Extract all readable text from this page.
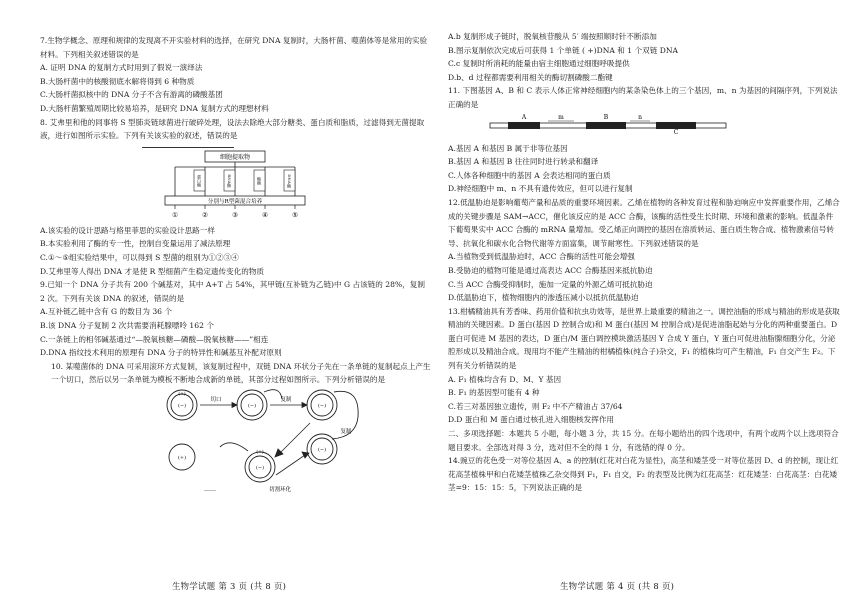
7.生物学概念、原理和规律的发现离不开实验材料的选择，在研究 DNA 复制时，大肠杆菌、噬菌体等是常用的实验材料。下列相关叙述错误的是

A. 证明 DNA 的复制方式时用到了假说一演绎法

B.大肠杆菌中的核酸彻底水解将得到 6 种物质

C.大肠杆菌拟核中的 DNA 分子不含有游离的磷酸基团

D.大肠杆菌繁殖周期比较易培养，是研究 DNA 复制方式的理想材料

8. 艾弗里和他的同事将 S 型肺炎链球菌进行破碎处理，设法去除绝大部分糖类、蛋白质和脂质，过滤得到无菌提取液，进行如图所示实验。下列有关该实验的叙述，错误的是

细胞提取物
蛋白酶	RNA酶	酯酶	DNA酶
分别与R型菌混合培养
①	②	③	④	⑤

A.该实验的设计思路与格里菲思的实验设计思路一样

B.本实验利用了酶的专一性，控制自变量运用了减法原理

C.①～⑤组实验结果中，可以得到 S 型菌的组别为①②③④

D.艾弗里等人得出 DNA 才是使 R 型细菌产生稳定遗传变化的物质

9.已知一个 DNA 分子共有 200 个碱基对，其中 A+T 占 54%，其甲链(互补链为乙链)中 G 占该链的 28%，复制 2 次。下列有关该 DNA 的叙述，错误的是

A.互补链乙链中含有 G 的数目为 36 个

B.该 DNA 分子复制 2 次共需要消耗腺嘌呤 162 个

C.一条链上的相邻碱基通过“—脱氧核糖—磷酸—脱氧核糖——”相连

D.DNA 指纹技术利用的原理有 DNA 分子的特异性和碱基互补配对原则

10. 某噬菌体的 DNA 可采用滚环方式复制，该复制过程中，双链 DNA 环状分子先在一条单链的复制起点上产生一个切口，然后以另一条单链为模板不断地合成新的单链，其部分过程如图所示。下列分析错误的是

(−)
(+)
切口
(−)
复制
(−)
复制
(−)
(+)
(−)
(+)
切割环化
……
生物学试题 第 3 页 (共 8 页)

A.b 复制形成子链时，脱氧核苷酸从 5′ 端按照顺时针不断添加

B.图示复制依次完成后可获得 1 个单链 ( +)DNA 和 1 个双链 DNA

C.c 复制时所消耗的能量由宿主细胞通过细胞呼吸提供

D.b、d 过程都需要利用相关的酶切割磷酸二酯键

11. 下图基因 A、B 和 C 表示人体正常神经细胞内的某条染色体上的三个基因，m、n 为基因的间隔序列，下列说法正确的是

A	m	B	n
C

A.基因 A 和基因 B 属于非等位基因

B.基因 A 和基因 B 往往同时进行转录和翻译

C.人体各种细胞中的基因 A 会表达相同的蛋白质

D.神经细胞中 m、n 不具有遗传效应，但可以进行复制

12.低温胁迫是影响葡萄产量和品质的重要环境因素。乙烯在植物的各种发育过程和胁迫响应中发挥重要作用，乙烯合成的关键步骤是 SAM→ACC，催化该反应的是 ACC 合酶，该酶的活性受生长时期、环境和激素的影响。低温条件下葡萄果实中 ACC 合酶的 mRNA 量增加。受乙烯正向调控的基因在溶质转运、蛋白质生物合成、植物激素信号转导、抗氧化和碳水化合物代谢等方面富集，调节耐寒性。下列叙述错误的是

A.当植物受到低温胁迫时，ACC 合酶的活性可能会增强

B.受胁迫的植物可能是通过高表达 ACC 合酶基因来抵抗胁迫

C.当 ACC 合酶受抑制时，施加一定量的外源乙烯可抵抗胁迫

D.低温胁迫下，植物细胞内的渗透压减小以抵抗低温胁迫

13.柑橘精油具有芳香味、药用价值和抗虫功效等，是世界上最重要的精油之一。调控油脂的形成与精油的形成是获取精油的关键因素。D 蛋白(基因 D 控制合成)和 M 蛋白(基因 M 控制合成)是促进油脂起始与分化的两种重要蛋白。D 蛋白可促进 M 基因的表达，D 蛋白/M 蛋白调控模块激活基因 Y 合成 Y 蛋白，Y 蛋白可促进油脂腺细胞分化，分泌腔形成以及精油合成。现用均不能产生精油的柑橘植株(纯合子)杂交，F₁ 的植株均可产生精油，F₁ 自交产生 F₂。下列有关分析错误的是

A. F₁ 植株均含有 D、M、Y 基因

B. F₁ 的基因型可能有 4 种

C.若三对基因独立遗传，则 F₂ 中不产精油占 37/64

D.D 蛋白和 M 蛋白通过核孔进入细胞核发挥作用

二、多项选择题：本题共 5 小题，每小题 3 分，共 15 分。在每小题给出的四个选项中，有两个或两个以上选项符合题目要求。全部选对得 3 分，选对但不全的得 1 分，有选错的得 0 分。

14.豌豆的花色受一对等位基因 A、a 的控制(红花对白花为显性)，高茎和矮茎受一对等位基因 D、d 的控制，现让红花高茎植株甲和白花矮茎植株乙杂交得到 F₁，F₁ 自交，F₂ 的表型及比例为红花高茎：红花矮茎：白花高茎：白花矮茎=9：15：15：5，下列说法正确的是

生物学试题 第 4 页 (共 8 页)
